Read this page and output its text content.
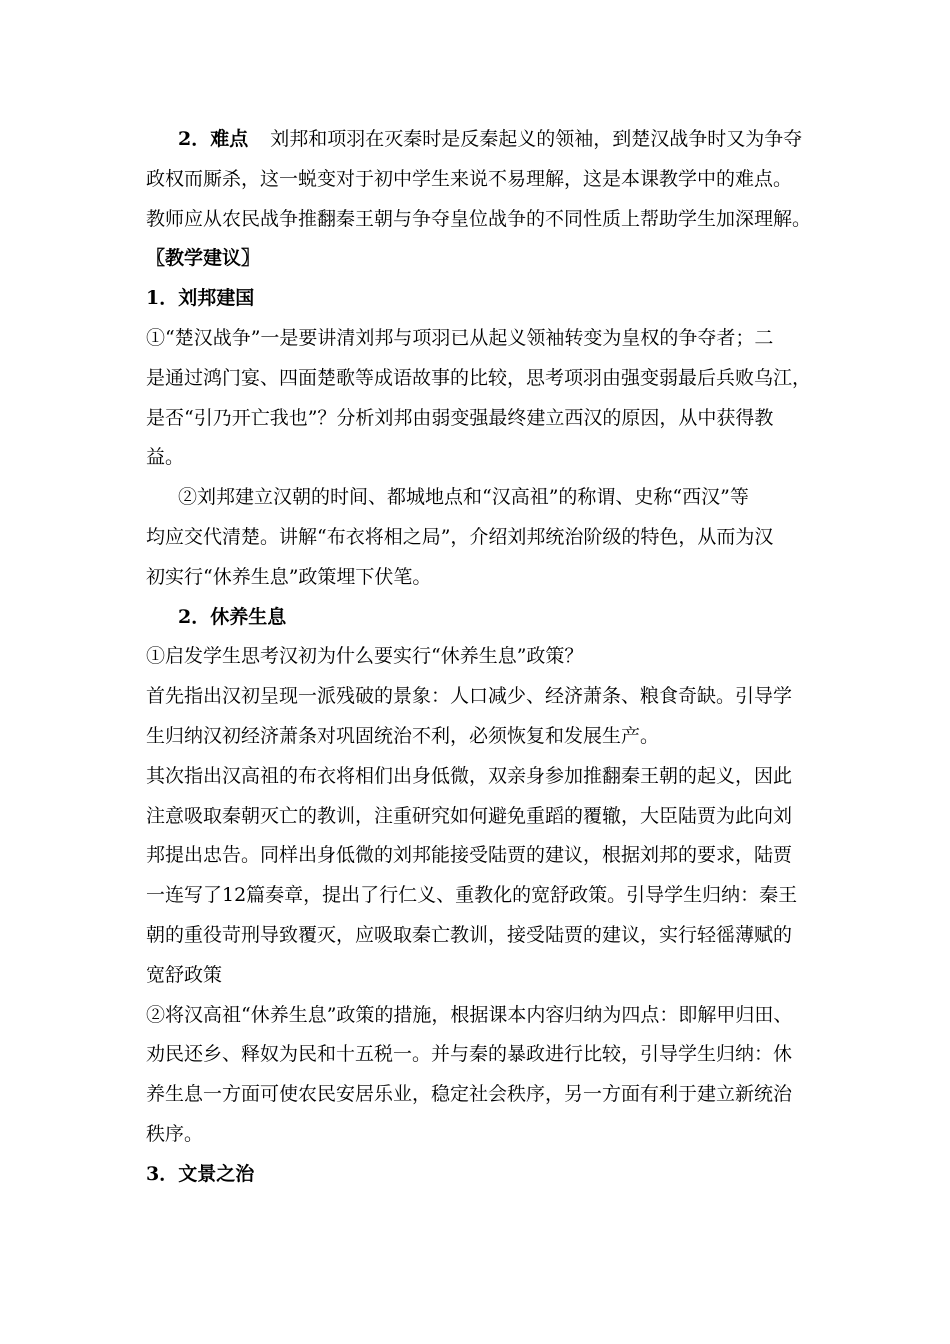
2．难点 刘邦和项羽在灭秦时是反秦起义的领袖，到楚汉战争时又为争夺
政权而厮杀，这一蜕变对于初中学生来说不易理解，这是本课教学中的难点。
教师应从农民战争推翻秦王朝与争夺皇位战争的不同性质上帮助学生加深理解。
〖教学建议〗
1．刘邦建国
①“楚汉战争”一是要讲清刘邦与项羽已从起义领袖转变为皇权的争夺者；二
是通过鸿门宴、四面楚歌等成语故事的比较，思考项羽由强变弱最后兵败乌江，
是否“引乃开亡我也”？分析刘邦由弱变强最终建立西汉的原因，从中获得教
益。
②刘邦建立汉朝的时间、都城地点和“汉高祖”的称谓、史称“西汉”等
均应交代清楚。讲解“布衣将相之局”，介绍刘邦统治阶级的特色，从而为汉
初实行“休养生息”政策埋下伏笔。
2．休养生息
①启发学生思考汉初为什么要实行“休养生息”政策？
首先指出汉初呈现一派残破的景象：人口减少、经济萧条、粮食奇缺。引导学
生归纳汉初经济萧条对巩固统治不利，必须恢复和发展生产。
其次指出汉高祖的布衣将相们出身低微，双亲身参加推翻秦王朝的起义，因此
注意吸取秦朝灭亡的教训，注重研究如何避免重蹈的覆辙，大臣陆贾为此向刘
邦提出忠告。同样出身低微的刘邦能接受陆贾的建议，根据刘邦的要求，陆贾
一连写了12篇奏章，提出了行仁义、重教化的宽舒政策。引导学生归纳：秦王
朝的重役苛刑导致覆灭，应吸取秦亡教训，接受陆贾的建议，实行轻徭薄赋的
宽舒政策
②将汉高祖“休养生息”政策的措施，根据课本内容归纳为四点：即解甲归田、
劝民还乡、释奴为民和十五税一。并与秦的暴政进行比较，引导学生归纳：休
养生息一方面可使农民安居乐业，稳定社会秩序，另一方面有利于建立新统治
秩序。
3．文景之治
